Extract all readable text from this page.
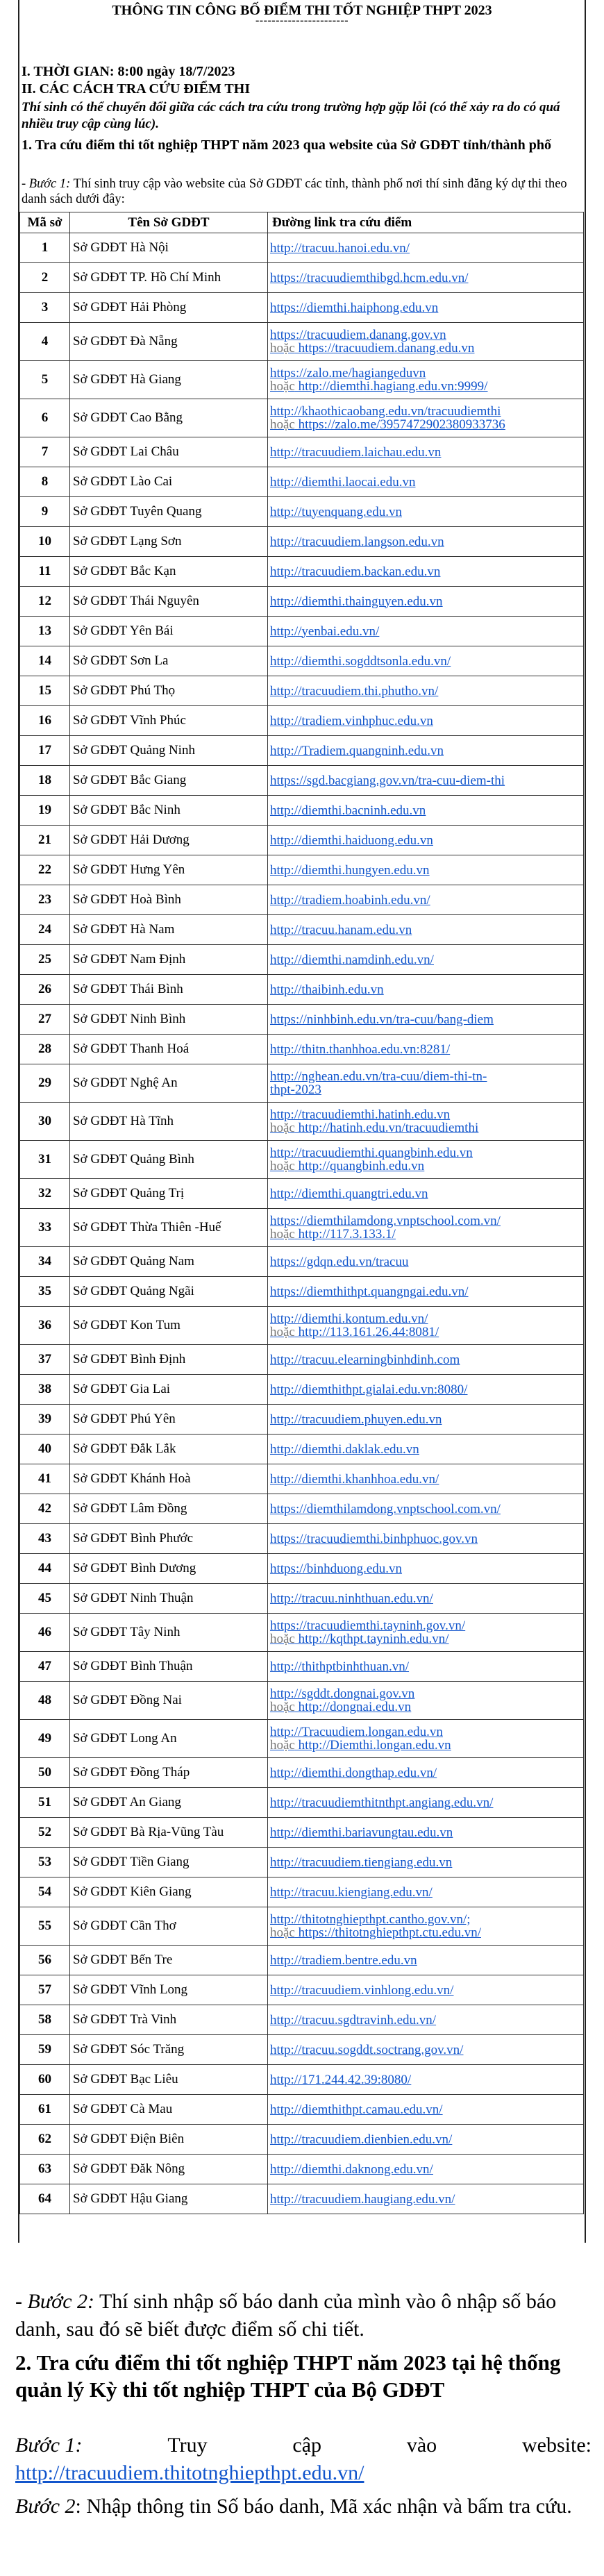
THÔNG TIN CÔNG BỐ ĐIỂM THI TỐT NGHIỆP THPT 2023
-----------------------
I. THỜI GIAN: 8:00 ngày 18/7/2023
II. CÁC CÁCH TRA CỨU ĐIỂM THI
Thí sinh có thể chuyển đổi giữa các cách tra cứu trong trường hợp gặp lỗi (có thể xảy ra do có quá nhiều truy cập cùng lúc).
1. Tra cứu điểm thi tốt nghiệp THPT năm 2023 qua website của Sở GDĐT tỉnh/thành phố
- Bước 1: Thí sinh truy cập vào website của Sở GDĐT các tỉnh, thành phố nơi thí sinh đăng ký dự thi theo danh sách dưới đây:
Mã sở	Tên Sở GDĐT	Đường link tra cứu điểm
1	Sở GDĐT Hà Nội	http://tracuu.hanoi.edu.vn/

2	Sở GDĐT TP. Hồ Chí Minh	https://tracuudiemthibgd.hcm.edu.vn/

3	Sở GDĐT Hải Phòng	https://diemthi.haiphong.edu.vn

4	Sở GDĐT Đà Nẵng	https://tracuudiem.danang.gov.vn
hoặc https://tracuudiem.danang.edu.vn

5	Sở GDĐT Hà Giang	https://zalo.me/hagiangeduvn
hoặc http://diemthi.hagiang.edu.vn:9999/

6	Sở GDĐT Cao Bằng	http://khaothicaobang.edu.vn/tracuudiemthi
hoặc https://zalo.me/3957472902380933736

7	Sở GDĐT Lai Châu	http://tracuudiem.laichau.edu.vn

8	Sở GDĐT Lào Cai	http://diemthi.laocai.edu.vn

9	Sở GDĐT Tuyên Quang	http://tuyenquang.edu.vn

10	Sở GDĐT Lạng Sơn	http://tracuudiem.langson.edu.vn

11	Sở GDĐT Bắc Kạn	http://tracuudiem.backan.edu.vn

12	Sở GDĐT Thái Nguyên	http://diemthi.thainguyen.edu.vn

13	Sở GDĐT Yên Bái	http://yenbai.edu.vn/

14	Sở GDĐT Sơn La	http://diemthi.sogddtsonla.edu.vn/

15	Sở GDĐT Phú Thọ	http://tracuudiem.thi.phutho.vn/

16	Sở GDĐT Vĩnh Phúc	http://tradiem.vinhphuc.edu.vn

17	Sở GDĐT Quảng Ninh	http://Tradiem.quangninh.edu.vn

18	Sở GDĐT Bắc Giang	https://sgd.bacgiang.gov.vn/tra-cuu-diem-thi

19	Sở GDĐT Bắc Ninh	http://diemthi.bacninh.edu.vn

21	Sở GDĐT Hải Dương	http://diemthi.haiduong.edu.vn

22	Sở GDĐT Hưng Yên	http://diemthi.hungyen.edu.vn

23	Sở GDĐT Hoà Bình	http://tradiem.hoabinh.edu.vn/

24	Sở GDĐT Hà Nam	http://tracuu.hanam.edu.vn

25	Sở GDĐT Nam Định	http://diemthi.namdinh.edu.vn/

26	Sở GDĐT Thái Bình	http://thaibinh.edu.vn

27	Sở GDĐT Ninh Bình	https://ninhbinh.edu.vn/tra-cuu/bang-diem

28	Sở GDĐT Thanh Hoá	http://thitn.thanhhoa.edu.vn:8281/

29	Sở GDĐT Nghệ An	http://nghean.edu.vn/tra-cuu/diem-thi-tn-
thpt-2023

30	Sở GDĐT Hà Tĩnh	http://tracuudiemthi.hatinh.edu.vn
hoặc http://hatinh.edu.vn/tracuudiemthi

31	Sở GDĐT Quảng Bình	http://tracuudiemthi.quangbinh.edu.vn
hoặc http://quangbinh.edu.vn

32	Sở GDĐT Quảng Trị	http://diemthi.quangtri.edu.vn

33	Sở GDĐT Thừa Thiên -Huế	https://diemthilamdong.vnptschool.com.vn/
hoặc http://117.3.133.1/

34	Sở GDĐT Quảng Nam	https://gdqn.edu.vn/tracuu

35	Sở GDĐT Quảng Ngãi	https://diemthithpt.quangngai.edu.vn/

36	Sở GDĐT Kon Tum	http://diemthi.kontum.edu.vn/
hoặc http://113.161.26.44:8081/

37	Sở GDĐT Bình Định	http://tracuu.elearningbinhdinh.com

38	Sở GDĐT Gia Lai	http://diemthithpt.gialai.edu.vn:8080/

39	Sở GDĐT Phú Yên	http://tracuudiem.phuyen.edu.vn

40	Sở GDĐT Đắk Lắk	http://diemthi.daklak.edu.vn

41	Sở GDĐT Khánh Hoà	http://diemthi.khanhhoa.edu.vn/

42	Sở GDĐT Lâm Đồng	https://diemthilamdong.vnptschool.com.vn/

43	Sở GDĐT Bình Phước	https://tracuudiemthi.binhphuoc.gov.vn

44	Sở GDĐT Bình Dương	https://binhduong.edu.vn

45	Sở GDĐT Ninh Thuận	http://tracuu.ninhthuan.edu.vn/

46	Sở GDĐT Tây Ninh	https://tracuudiemthi.tayninh.gov.vn/
hoặc http://kqthpt.tayninh.edu.vn/

47	Sở GDĐT Bình Thuận	http://thithptbinhthuan.vn/

48	Sở GDĐT Đồng Nai	http://sgddt.dongnai.gov.vn
hoặc http://dongnai.edu.vn

49	Sở GDĐT Long An	http://Tracuudiem.longan.edu.vn
hoặc http://Diemthi.longan.edu.vn

50	Sở GDĐT Đồng Tháp	http://diemthi.dongthap.edu.vn/

51	Sở GDĐT An Giang	http://tracuudiemthitnthpt.angiang.edu.vn/

52	Sở GDĐT Bà Rịa-Vũng Tàu	http://diemthi.bariavungtau.edu.vn

53	Sở GDĐT Tiền Giang	http://tracuudiem.tiengiang.edu.vn

54	Sở GDĐT Kiên Giang	http://tracuu.kiengiang.edu.vn/

55	Sở GDĐT Cần Thơ	http://thitotnghiepthpt.cantho.gov.vn/;
hoặc https://thitotnghiepthpt.ctu.edu.vn/

56	Sở GDĐT Bến Tre	http://tradiem.bentre.edu.vn

57	Sở GDĐT Vĩnh Long	http://tracuudiem.vinhlong.edu.vn/

58	Sở GDĐT Trà Vinh	http://tracuu.sgdtravinh.edu.vn/

59	Sở GDĐT Sóc Trăng	http://tracuu.sogddt.soctrang.gov.vn/

60	Sở GDĐT Bạc Liêu	http://171.244.42.39:8080/

61	Sở GDĐT Cà Mau	http://diemthithpt.camau.edu.vn/

62	Sở GDĐT Điện Biên	http://tracuudiem.dienbien.edu.vn/

63	Sở GDĐT Đăk Nông	http://diemthi.daknong.edu.vn/

64	Sở GDĐT Hậu Giang	http://tracuudiem.haugiang.edu.vn/
- Bước 2: Thí sinh nhập số báo danh của mình vào ô nhập số báo danh, sau đó sẽ biết được điểm số chi tiết.
2. Tra cứu điểm thi tốt nghiệp THPT năm 2023 tại hệ thống quản lý Kỳ thi tốt nghiệp THPT của Bộ GDĐT
Bước 1:	Truy	cập	vào	website:
http://tracuudiem.thitotnghiepthpt.edu.vn/
Bước 2: Nhập thông tin Số báo danh, Mã xác nhận và bấm tra cứu.
